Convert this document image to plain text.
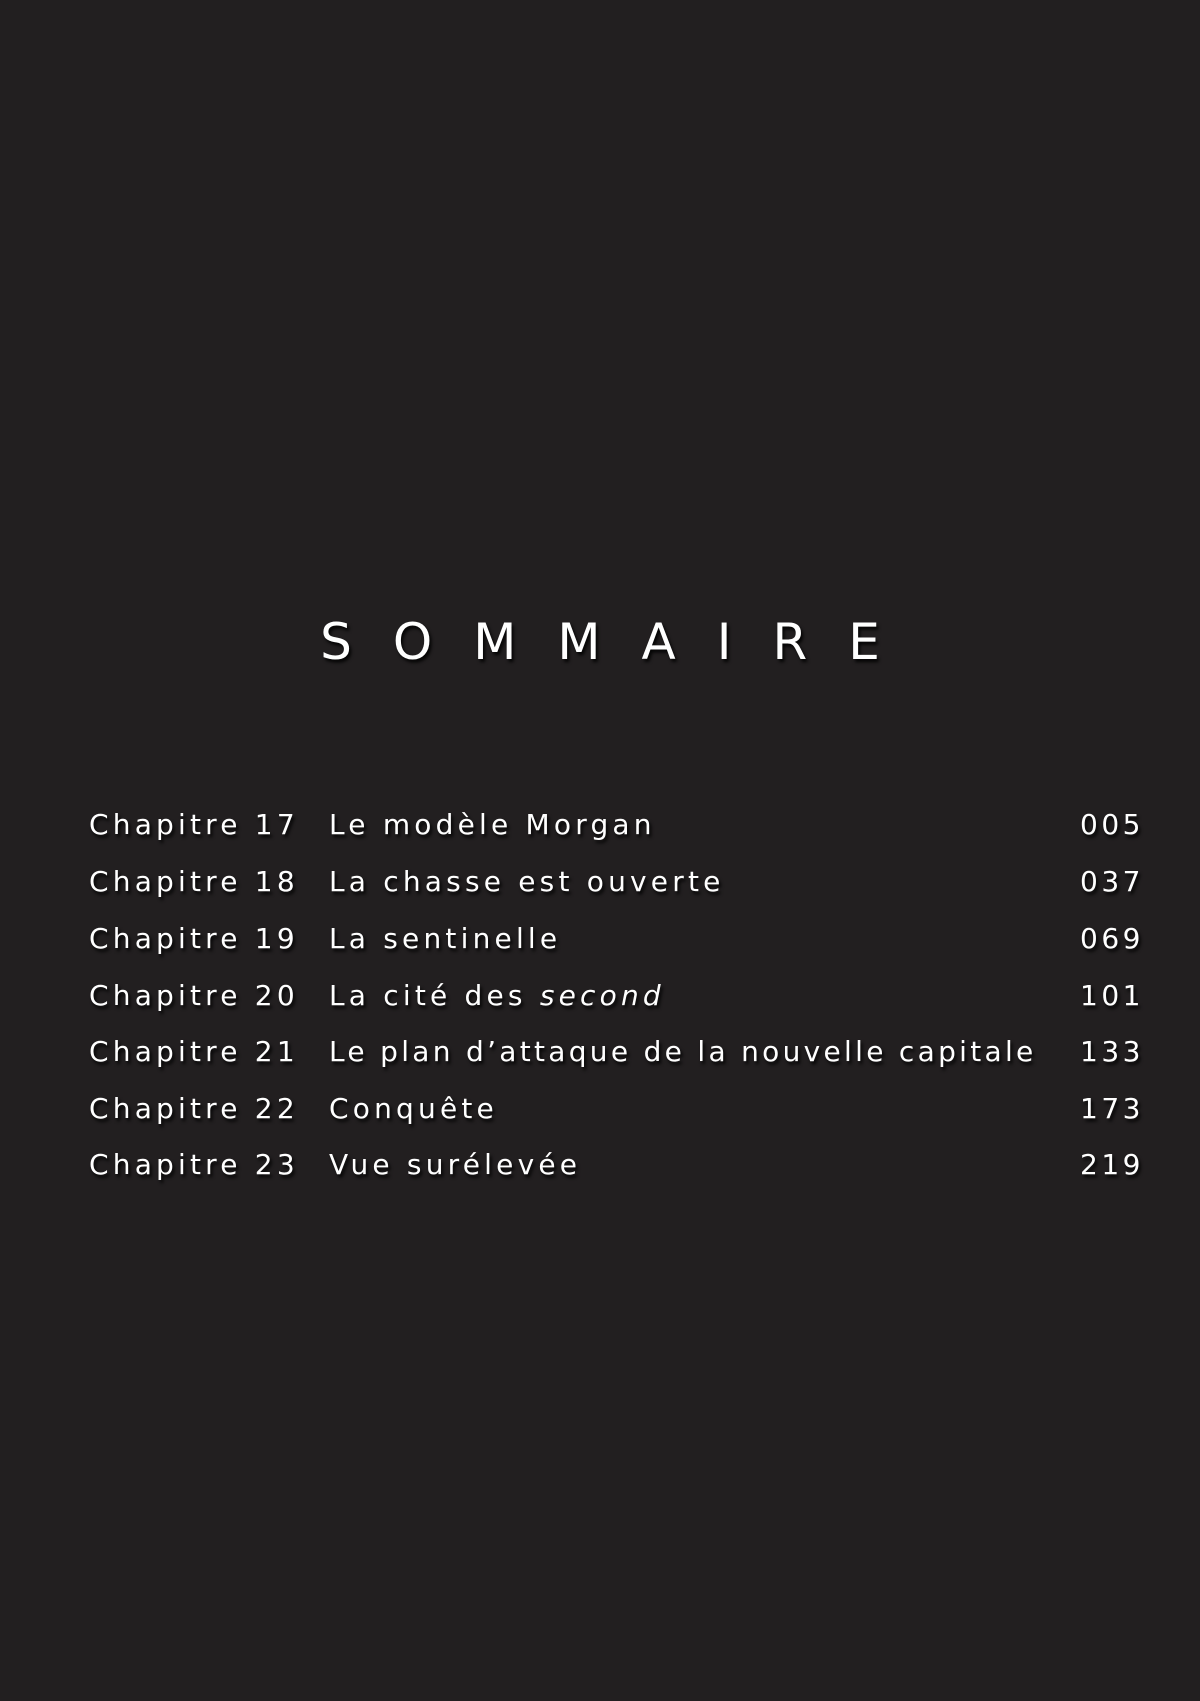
SOMMAIRE
Chapitre 17 Le modèle Morgan	005
Chapitre 18 La chasse est ouverte	037
Chapitre 19 La sentinelle	069
Chapitre 20 La cité des second	101
Chapitre 21 Le plan d’attaque de la nouvelle capitale 133
Chapitre 22 Conquête	173
Chapitre 23 Vue surélevée	219
